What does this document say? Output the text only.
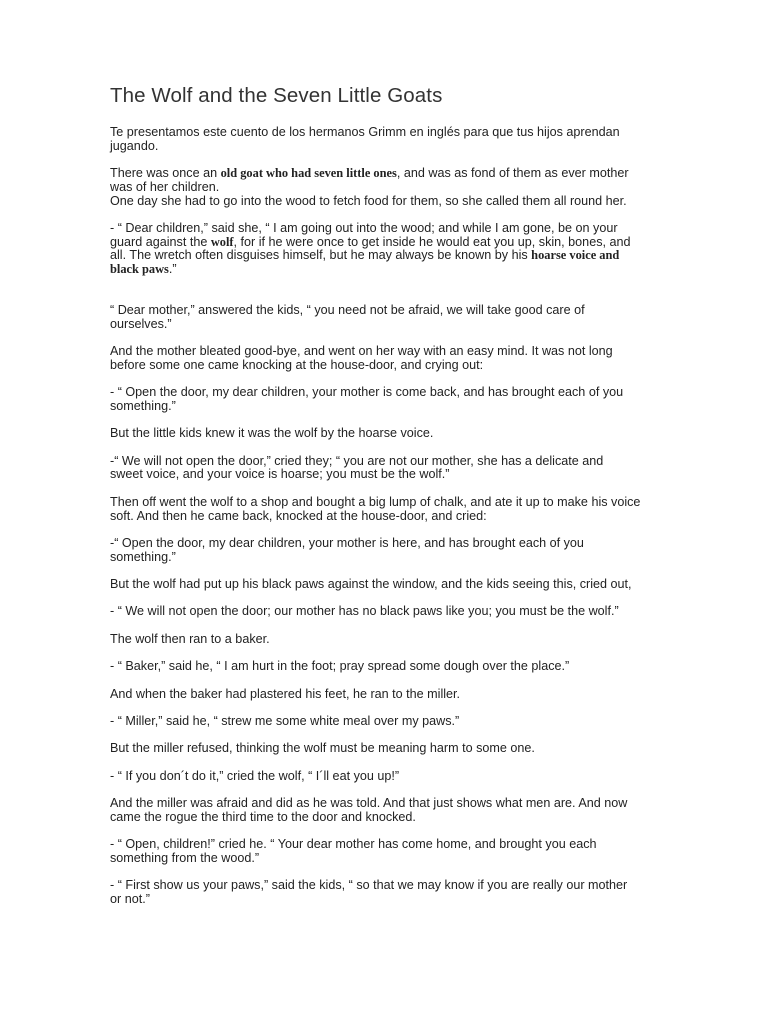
The Wolf and the Seven Little Goats

Te presentamos este cuento de los hermanos Grimm en inglés para que tus hijos aprendan
jugando.

There was once an old goat who had seven little ones, and was as fond of them as ever mother
was of her children.
One day she had to go into the wood to fetch food for them, so she called them all round her.

- “ Dear children,” said she, “ I am going out into the wood; and while I am gone, be on your
guard against the wolf, for if he were once to get inside he would eat you up, skin, bones, and
all. The wretch often disguises himself, but he may always be known by his hoarse voice and
black paws.”

“ Dear mother,” answered the kids, “ you need not be afraid, we will take good care of
ourselves.”

And the mother bleated good-bye, and went on her way with an easy mind. It was not long
before some one came knocking at the house-door, and crying out:

- “ Open the door, my dear children, your mother is come back, and has brought each of you
something.”

But the little kids knew it was the wolf by the hoarse voice.

-“ We will not open the door,” cried they; “ you are not our mother, she has a delicate and
sweet voice, and your voice is hoarse; you must be the wolf.”

Then off went the wolf to a shop and bought a big lump of chalk, and ate it up to make his voice
soft. And then he came back, knocked at the house-door, and cried:

-“ Open the door, my dear children, your mother is here, and has brought each of you
something.”

But the wolf had put up his black paws against the window, and the kids seeing this, cried out,

- “ We will not open the door; our mother has no black paws like you; you must be the wolf.”

The wolf then ran to a baker.

- “ Baker,” said he, “ I am hurt in the foot; pray spread some dough over the place.”

And when the baker had plastered his feet, he ran to the miller.

- “ Miller,” said he, “ strew me some white meal over my paws.”

But the miller refused, thinking the wolf must be meaning harm to some one.

- “ If you don´t do it,” cried the wolf, “ I´ll eat you up!”

And the miller was afraid and did as he was told. And that just shows what men are. And now
came the rogue the third time to the door and knocked.

- “ Open, children!” cried he. “ Your dear mother has come home, and brought you each
something from the wood.”

- “ First show us your paws,” said the kids, “ so that we may know if you are really our mother
or not.”
